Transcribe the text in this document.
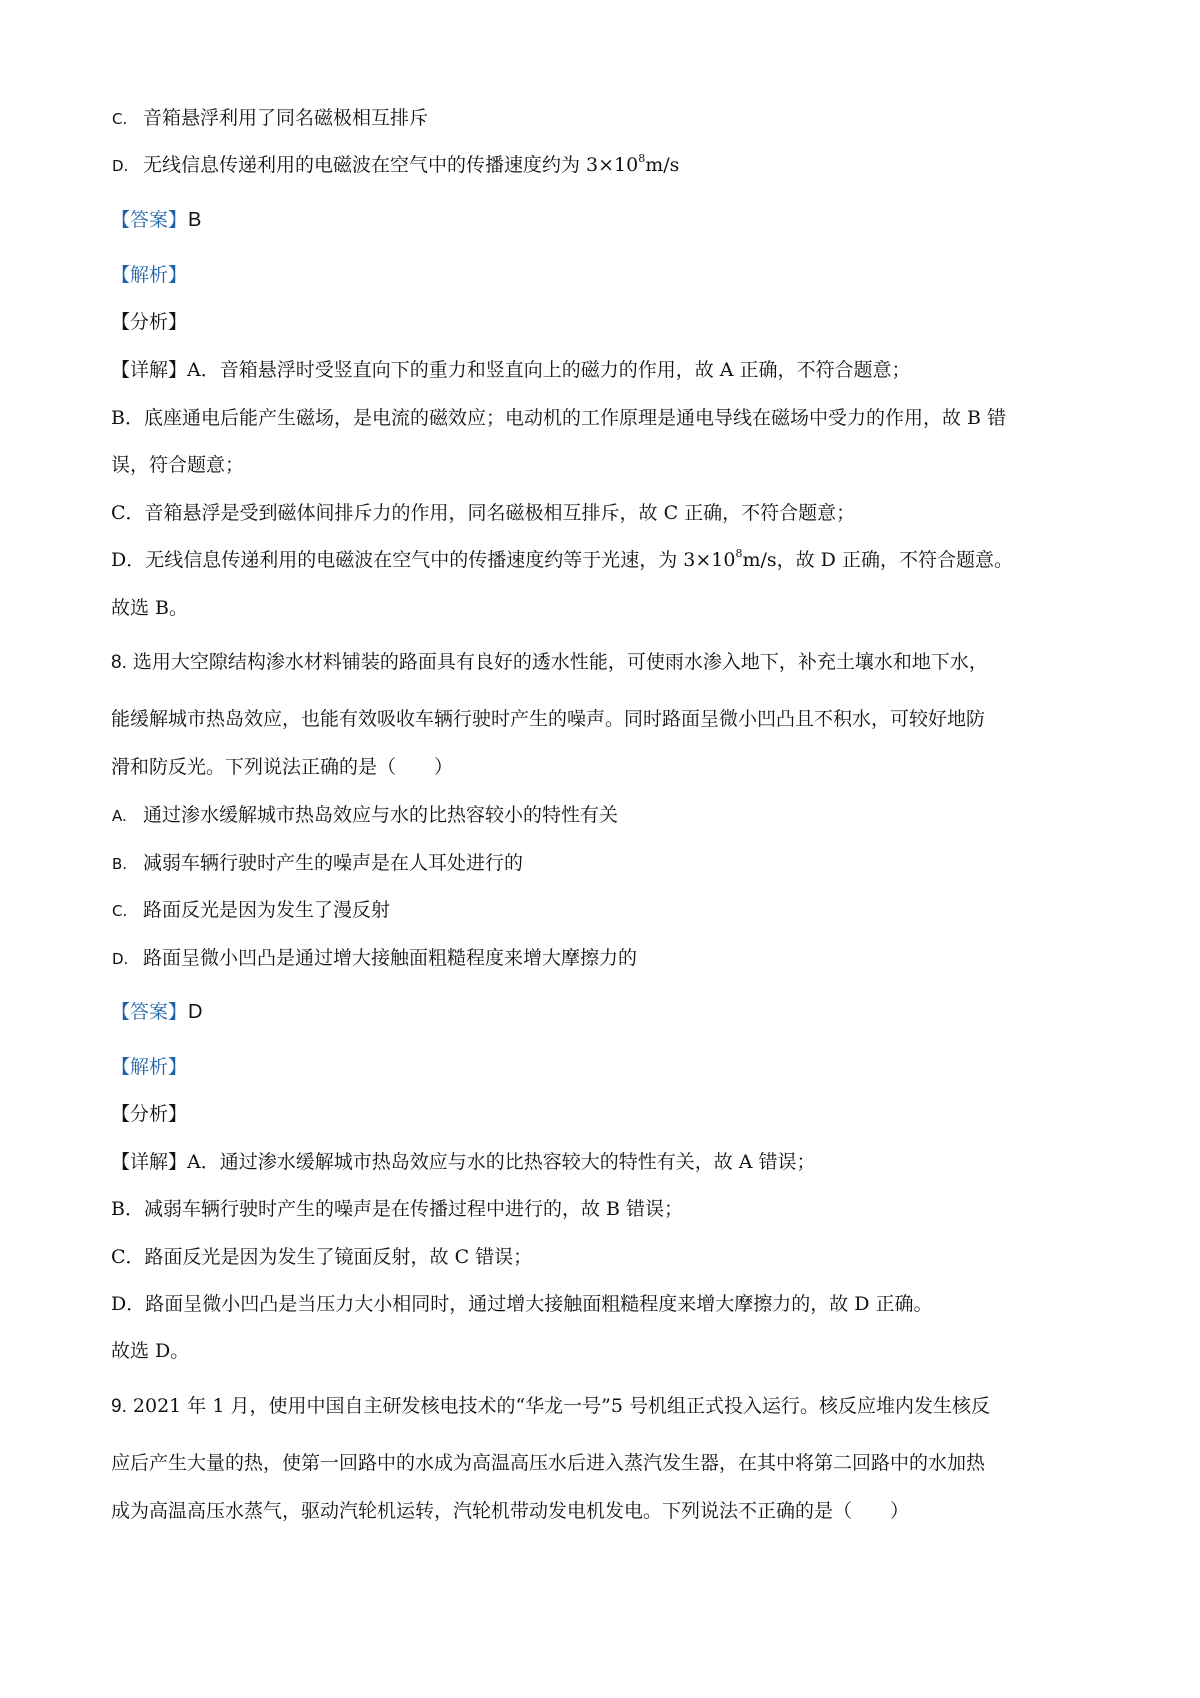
C. 音箱悬浮利用了同名磁极相互排斥
D. 无线信息传递利用的电磁波在空气中的传播速度约为 $3\times 10^8m/s$
【答案】B
【解析】
【分析】
【详解】A．音箱悬浮时受竖直向下的重力和竖直向上的磁力的作用，故 A 正确，不符合题意；
B．底座通电后能产生磁场，是电流的磁效应；电动机的工作原理是通电导线在磁场中受力的作用，故 B 错
误，符合题意；
C．音箱悬浮是受到磁体间排斥力的作用，同名磁极相互排斥，故 C 正确，不符合题意；
D．无线信息传递利用的电磁波在空气中的传播速度约等于光速，为 $3\times 10^8m/s$，故 D 正确，不符合题意。
故选 B。
8. 选用大空隙结构渗水材料铺装的路面具有良好的透水性能，可使雨水渗入地下，补充土壤水和地下水，
能缓解城市热岛效应，也能有效吸收车辆行驶时产生的噪声。同时路面呈微小凹凸且不积水，可较好地防
滑和防反光。下列说法正确的是（　　）
A. 通过渗水缓解城市热岛效应与水的比热容较小的特性有关
B. 减弱车辆行驶时产生的噪声是在人耳处进行的
C. 路面反光是因为发生了漫反射
D. 路面呈微小凹凸是通过增大接触面粗糙程度来增大摩擦力的
【答案】D
【解析】
【分析】
【详解】A．通过渗水缓解城市热岛效应与水的比热容较大的特性有关，故 A 错误；
B．减弱车辆行驶时产生的噪声是在传播过程中进行的，故 B 错误；
C．路面反光是因为发生了镜面反射，故 C 错误；
D．路面呈微小凹凸是当压力大小相同时，通过增大接触面粗糙程度来增大摩擦力的，故 D 正确。
故选 D。
9. 2021 年 1 月，使用中国自主研发核电技术的“华龙一号”5 号机组正式投入运行。核反应堆内发生核反
应后产生大量的热，使第一回路中的水成为高温高压水后进入蒸汽发生器，在其中将第二回路中的水加热
成为高温高压水蒸气，驱动汽轮机运转，汽轮机带动发电机发电。下列说法不正确的是（　　）
